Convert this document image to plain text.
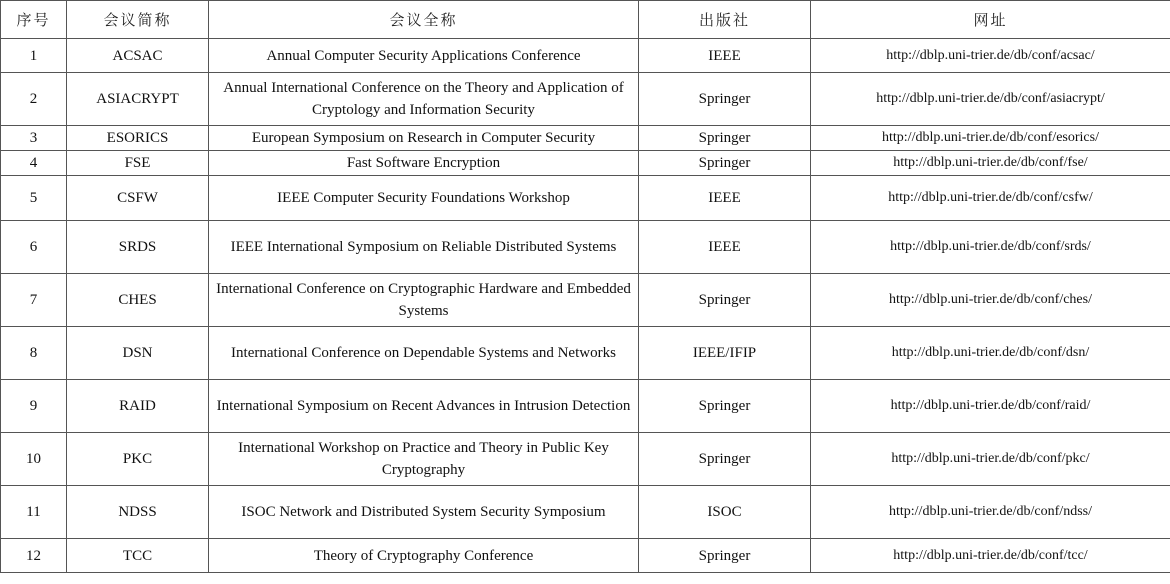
序号	会议简称	会议全称	出版社	网址
1	ACSAC	Annual Computer Security Applications Conference	IEEE	http://dblp.uni-trier.de/db/conf/acsac/
2	ASIACRYPT	Annual International Conference on the Theory and Application of Cryptology and Information Security	Springer	http://dblp.uni-trier.de/db/conf/asiacrypt/
3	ESORICS	European Symposium on Research in Computer Security	Springer	http://dblp.uni-trier.de/db/conf/esorics/
4	FSE	Fast Software Encryption	Springer	http://dblp.uni-trier.de/db/conf/fse/
5	CSFW	IEEE Computer Security Foundations Workshop	IEEE	http://dblp.uni-trier.de/db/conf/csfw/
6	SRDS	IEEE International Symposium on Reliable Distributed Systems	IEEE	http://dblp.uni-trier.de/db/conf/srds/
7	CHES	International Conference on Cryptographic Hardware and Embedded Systems	Springer	http://dblp.uni-trier.de/db/conf/ches/
8	DSN	International Conference on Dependable Systems and Networks	IEEE/IFIP	http://dblp.uni-trier.de/db/conf/dsn/
9	RAID	International Symposium on Recent Advances in Intrusion Detection	Springer	http://dblp.uni-trier.de/db/conf/raid/
10	PKC	International Workshop on Practice and Theory in Public Key Cryptography	Springer	http://dblp.uni-trier.de/db/conf/pkc/
11	NDSS	ISOC Network and Distributed System Security Symposium	ISOC	http://dblp.uni-trier.de/db/conf/ndss/
12	TCC	Theory of Cryptography Conference	Springer	http://dblp.uni-trier.de/db/conf/tcc/
